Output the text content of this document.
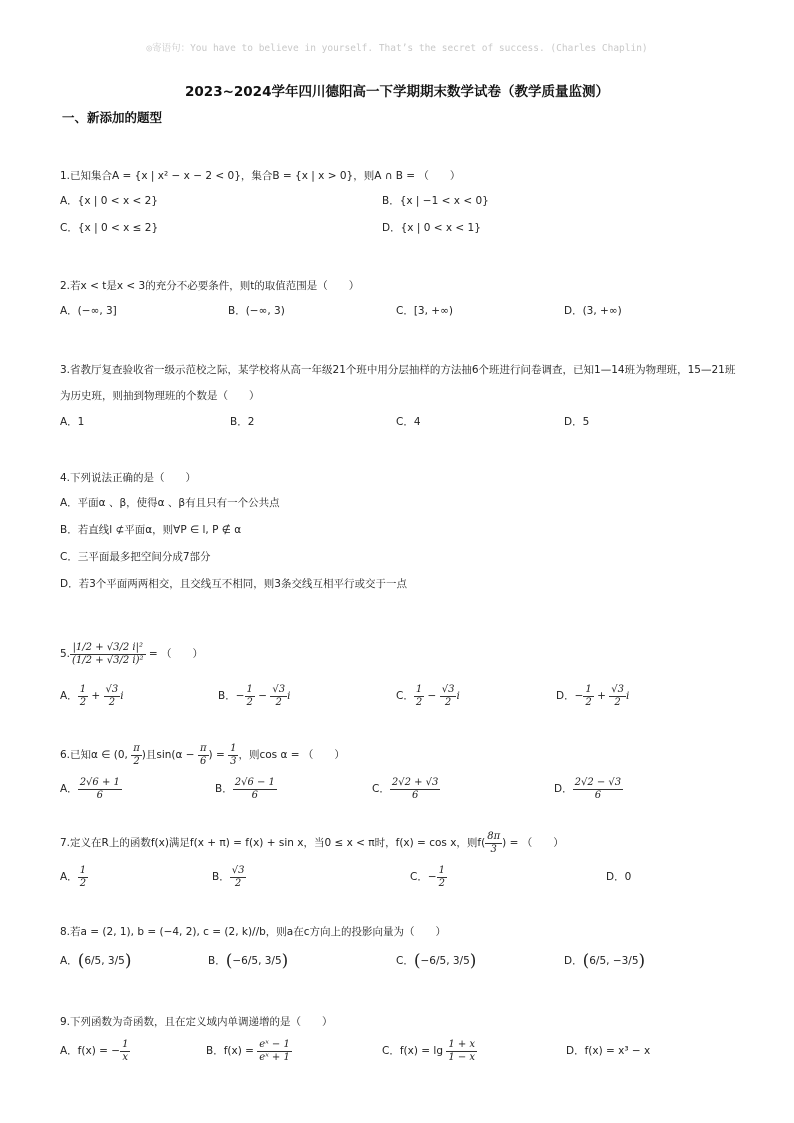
◎寄语句：You have to believe in yourself. That’s the secret of success. (Charles Chaplin)
2023~2024学年四川德阳高一下学期期末数学试卷（教学质量监测）
一、新添加的题型
1.已知集合A = {x | x² − x − 2 < 0}，集合B = {x | x > 0}，则A ∩ B = （　　）
A．{x | 0 < x < 2}	B．{x | −1 < x < 0}
C．{x | 0 < x ≤ 2}	D．{x | 0 < x < 1}
2.若x < t是x < 3的充分不必要条件，则t的取值范围是（　　）
A．(−∞, 3]	B．(−∞, 3)	C．[3, +∞)	D．(3, +∞)
3.省教厅复查验收省一级示范校之际，某学校将从高一年级21个班中用分层抽样的方法抽6个班进行问卷调查，已知1—14班为物理班，15—21班为历史班，则抽到物理班的个数是（　　）
A．1	B．2	C．4	D．5
4.下列说法正确的是（　　）
A．平面α 、β，使得α 、β有且只有一个公共点
B．若直线l ⊄平面α，则∀P ∈ l, P ∉ α
C．三平面最多把空间分成7部分
D．若3个平面两两相交，且交线互不相同，则3条交线互相平行或交于一点
5. $\frac{\text{|1/2 + √3/2 i|²}}{\text{(1/2 + √3/2 i)²}}$ = （　　）
A． $\frac{1}{2} + \frac{√3}{2}$ i	B．− $\frac{1}{2} - \frac{√3}{2}$ i	C． $\frac{1}{2} - \frac{√3}{2}$ i	D．− $\frac{1}{2} + \frac{√3}{2}$ i
6.已知α ∈ (0, $\frac{\pi}{2}$ )且$\sin(\alpha - \frac{\pi}{6}$ ) = $\frac{1}{3}$ ，则cos α = （　　）
A． $\frac{2√6 + 1}{6}$	B． $\frac{2√6 - 1}{6}$	C． $\frac{2√2 + √3}{6}$	D． $\frac{2√2 - √3}{6}$
7.定义在R上的函数f(x)满足f(x + π) = f(x) + sin x，当0 ≤ x < π时，f(x) = cos x，则$f( \frac{8\pi}{3}$ ) = （　　）
A． $\frac{1}{2}$	B． $\frac{√3}{2}$	C．− $\frac{1}{2}$	D．0
8.若a = (2, 1), b = (−4, 2), c = (2, k)//b，则a在c方向上的投影向量为（　　）
A．(6/5, 3/5)	B．(−6/5, 3/5)	C．(−6/5, 3/5)	D．(6/5, −3/5)
9.下列函数为奇函数，且在定义域内单调递增的是（　　）
A．f(x) = − $\frac{1}{x}$	B．$f(x) = \frac{\text{eˣ − 1}}{\text{eˣ + 1}}$	C．$f(x) = \lg \frac{1 + x}{1 - x}$	D．f(x) = x³ − x
